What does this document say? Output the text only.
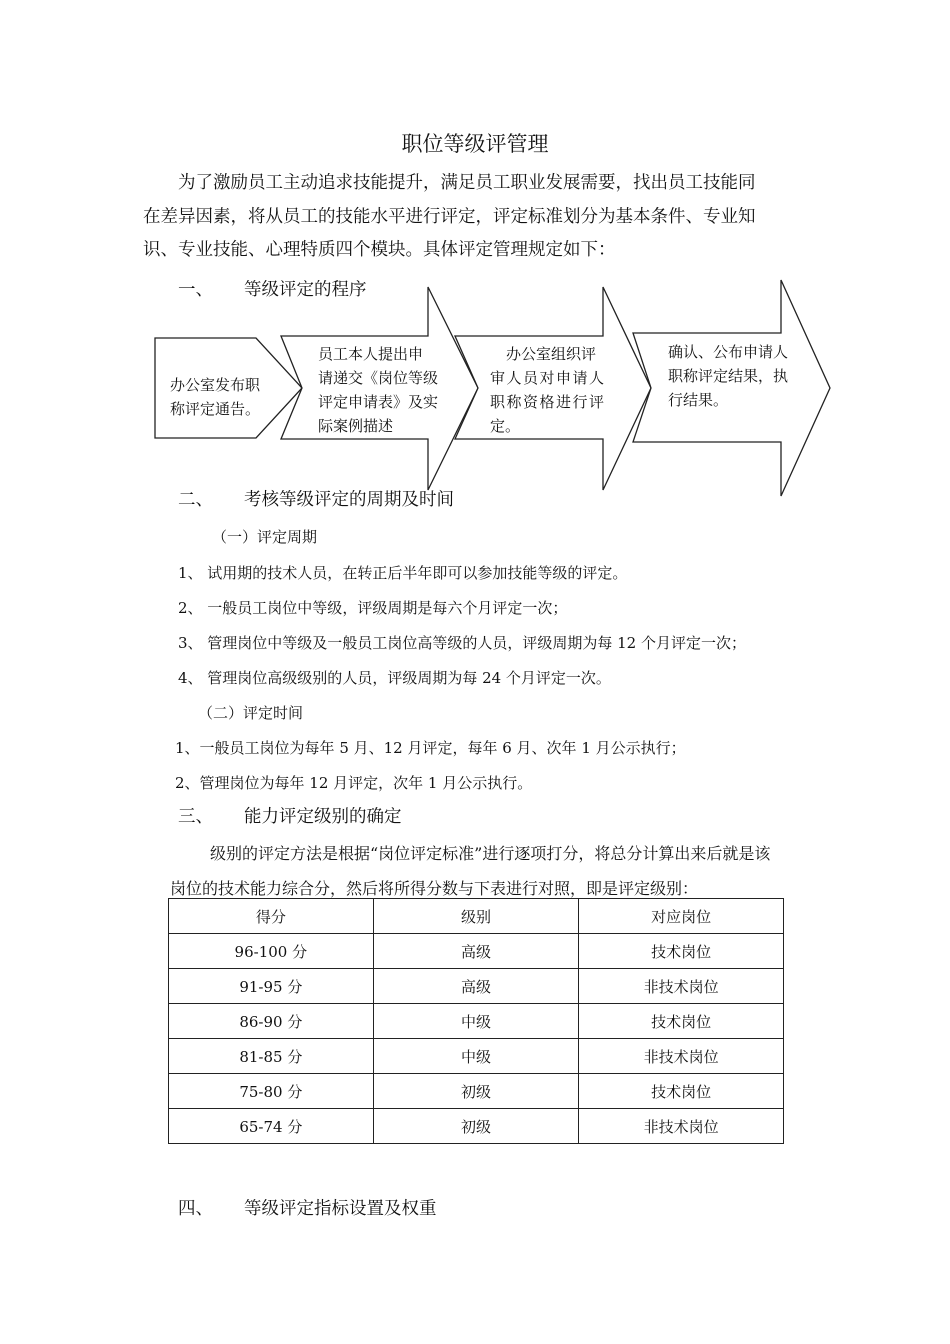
职位等级评管理

为了激励员工主动追求技能提升，满足员工职业发展需要，找出员工技能同

在差异因素，将从员工的技能水平进行评定，评定标准划分为基本条件、专业知

识、专业技能、心理特质四个模块。具体评定管理规定如下：

一、 等级评定的程序
办公室发布职
称评定通告。
员工本人提出申
请递交《岗位等级
评定申请表》及实
际案例描述
办公室组织评
审人员对申请人
职称资格进行评
定。
确认、公布申请人
职称评定结果，执
行结果。
二、 考核等级评定的周期及时间
（一）评定周期
1、 试用期的技术人员，在转正后半年即可以参加技能等级的评定。
2、 一般员工岗位中等级，评级周期是每六个月评定一次；
3、 管理岗位中等级及一般员工岗位高等级的人员，评级周期为每 12 个月评定一次；
4、 管理岗位高级级别的人员，评级周期为每 24 个月评定一次。
（二）评定时间
1、一般员工岗位为每年 5 月、12 月评定，每年 6 月、次年 1 月公示执行；
2、管理岗位为每年 12 月评定，次年 1 月公示执行。
三、 能力评定级别的确定

级别的评定方法是根据“岗位评定标准”进行逐项打分，将总分计算出来后就是该

岗位的技术能力综合分，然后将所得分数与下表进行对照，即是评定级别：

得分	级别	对应岗位
96-100 分	高级	技术岗位
91-95 分	高级	非技术岗位
86-90 分	中级	技术岗位
81-85 分	中级	非技术岗位
75-80 分	初级	技术岗位
65-74 分	初级	非技术岗位
四、 等级评定指标设置及权重
